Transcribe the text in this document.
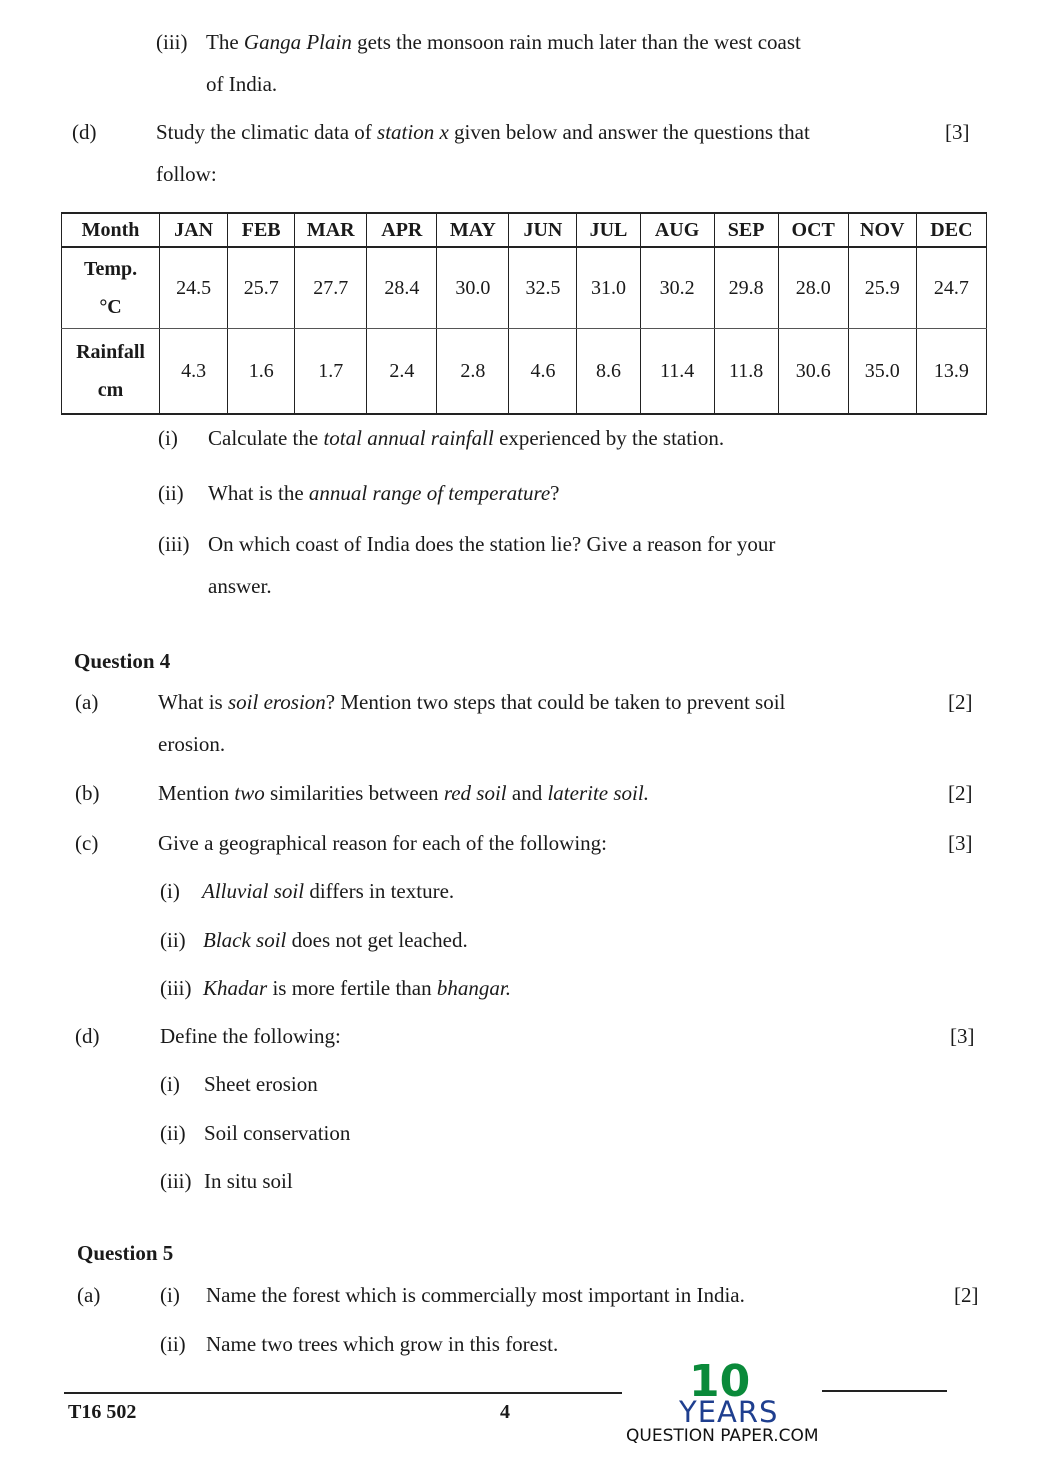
(iii) The Ganga Plain gets the monsoon rain much later than the west coast
of India.
(d)	Study the climatic data of station x given below and answer the questions that	[3]
follow:
Month	JAN	FEB	MAR	APR	MAY	JUN	JUL	AUG	SEP	OCT	NOV	DEC

Temp.
°C	24.5	25.7	27.7	28.4	30.0	32.5	31.0	30.2	29.8	28.0	25.9	24.7

Rainfall
cm	4.3	1.6	1.7	2.4	2.8	4.6	8.6	11.4	11.8	30.6	35.0	13.9
(i) Calculate the total annual rainfall experienced by the station.
(ii) What is the annual range of temperature?
(iii) On which coast of India does the station lie? Give a reason for your
answer.
Question 4
(a)	What is soil erosion? Mention two steps that could be taken to prevent soil	[2]
erosion.
(b)	Mention two similarities between red soil and laterite soil.	[2]
(c)	Give a geographical reason for each of the following:	[3]
(i) Alluvial soil differs in texture.
(ii) Black soil does not get leached.
(iii) Khadar is more fertile than bhangar.
(d)	Define the following:	[3]
(i) Sheet erosion
(ii) Soil conservation
(iii) In situ soil
Question 5
(a)	(i) Name the forest which is commercially most important in India.	[2]
(ii) Name two trees which grow in this forest.
T16 502	4
10
YEARS
QUESTION PAPER.COM
